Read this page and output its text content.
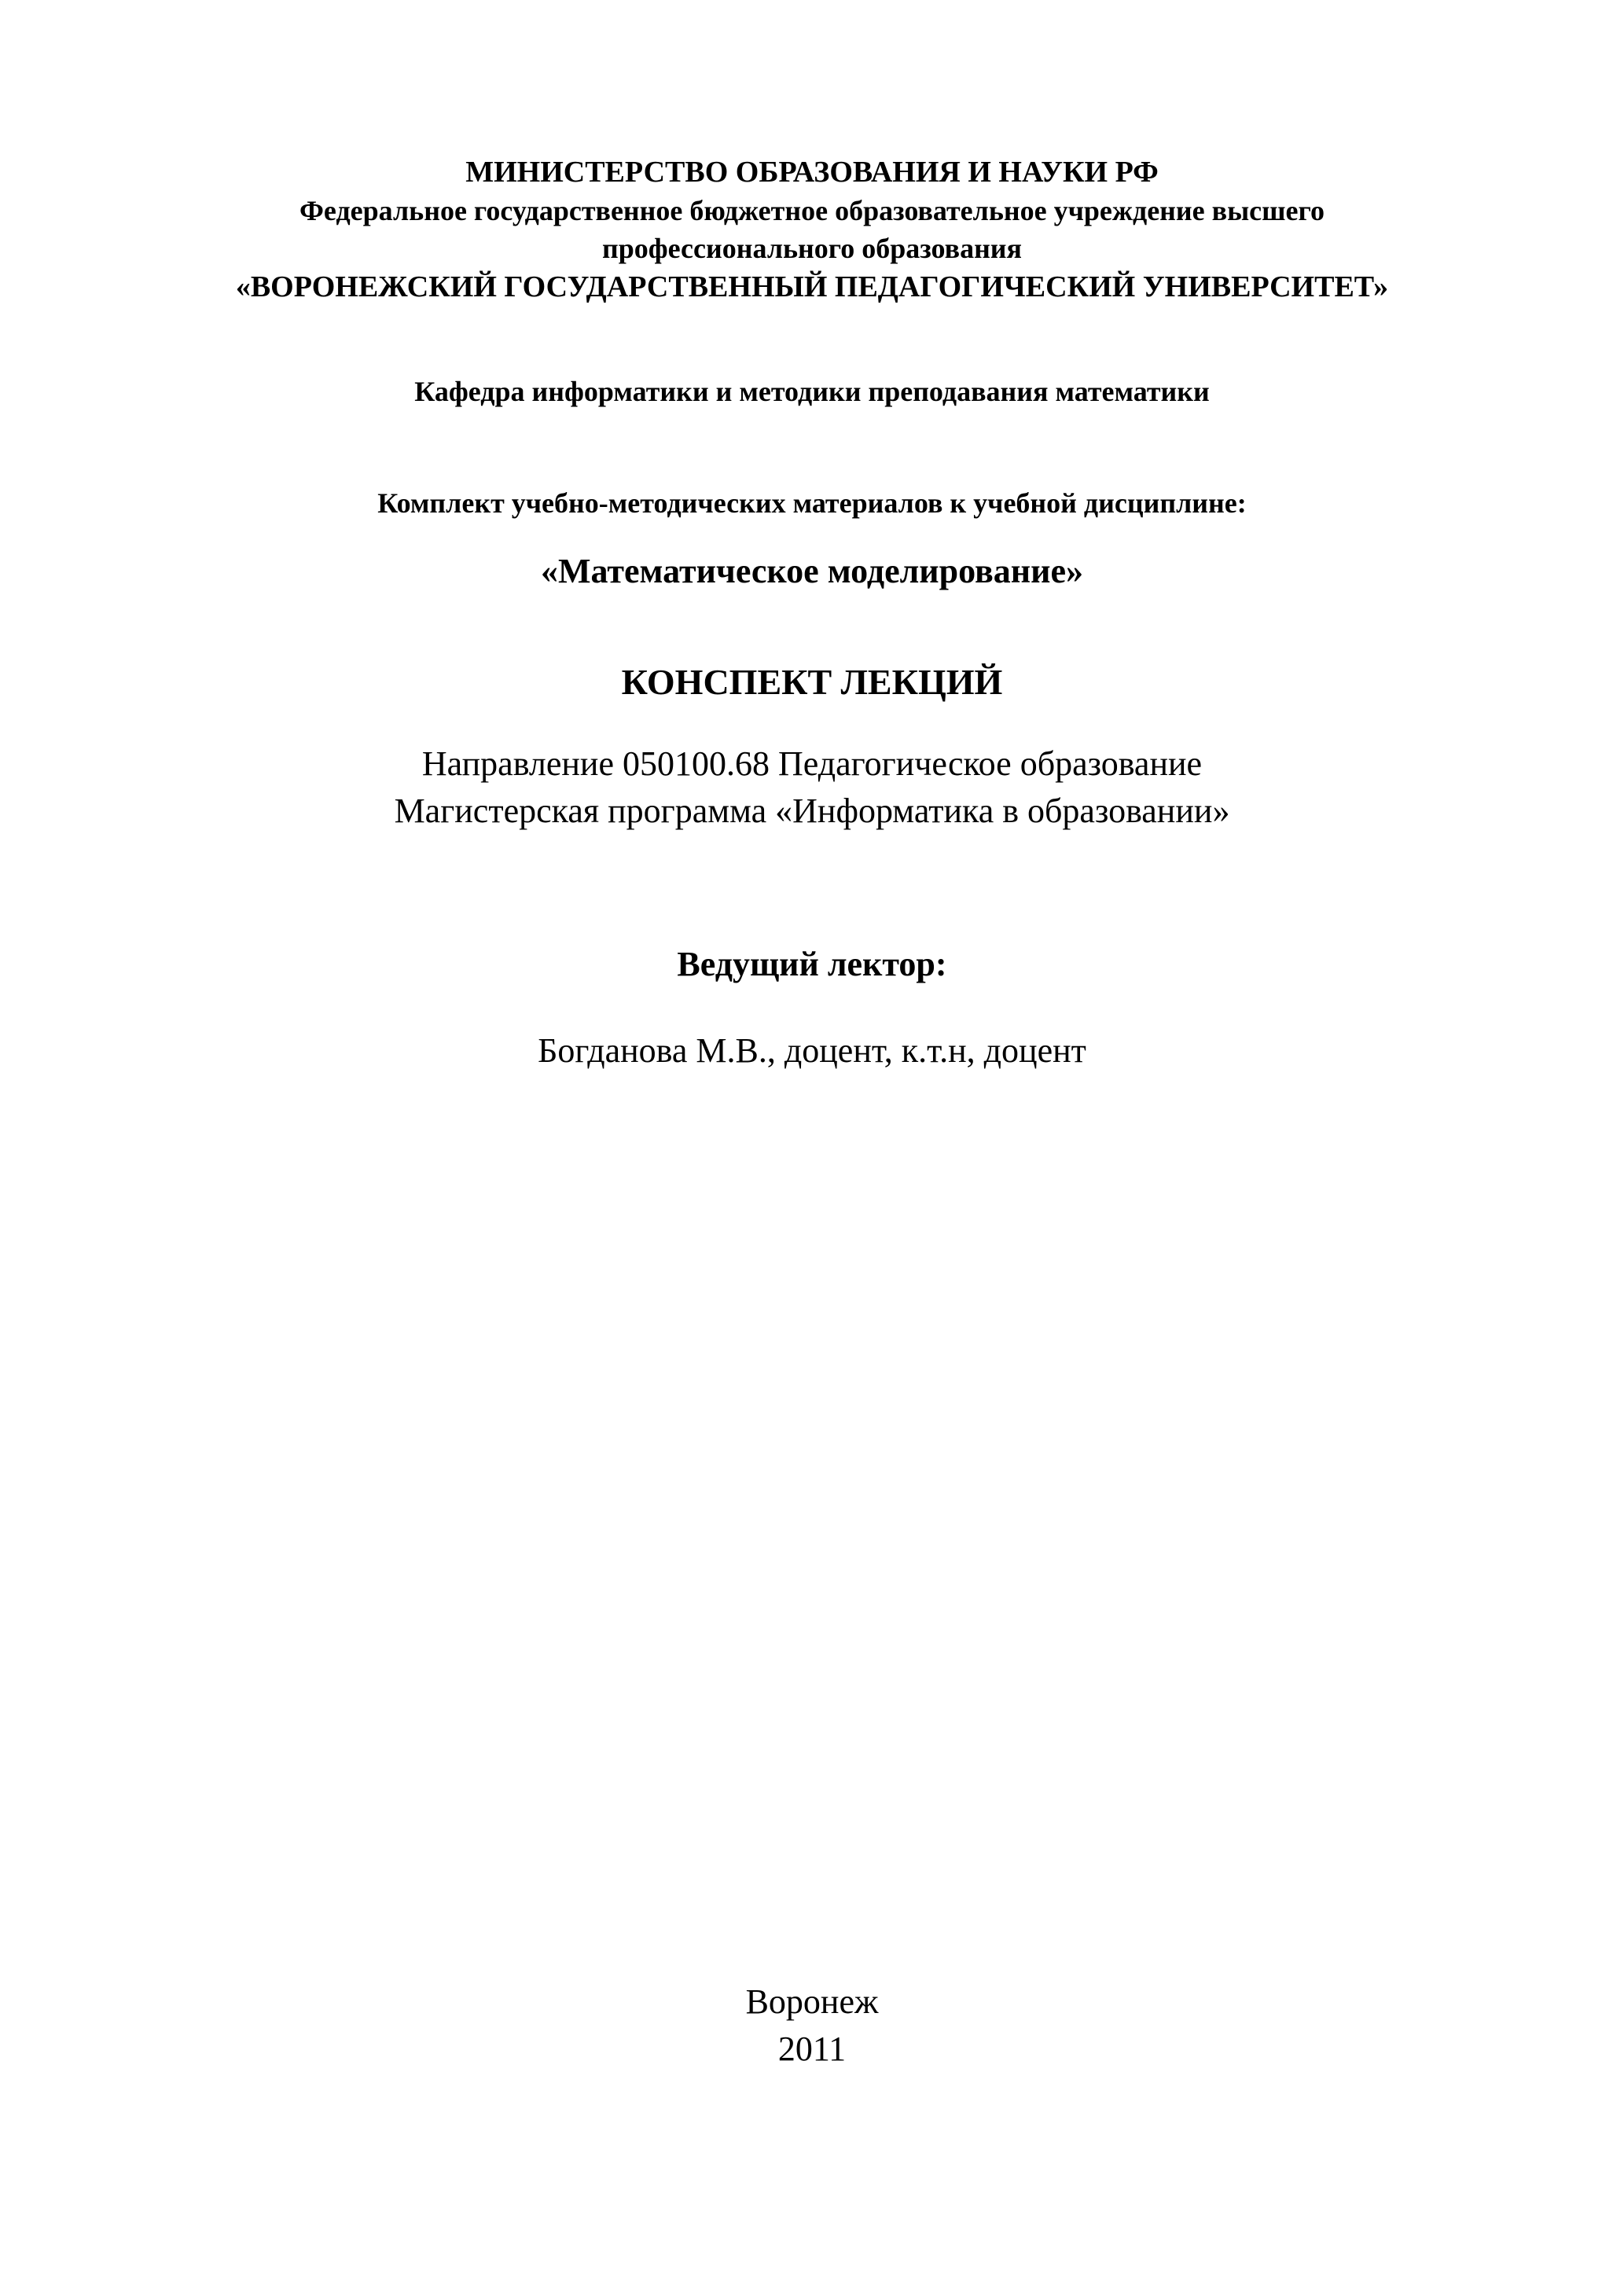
МИНИСТЕРСТВО ОБРАЗОВАНИЯ И НАУКИ РФ
Федеральное государственное бюджетное образовательное учреждение высшего
профессионального образования
«ВОРОНЕЖСКИЙ ГОСУДАРСТВЕННЫЙ ПЕДАГОГИЧЕСКИЙ УНИВЕРСИТЕТ»
Кафедра информатики и методики преподавания математики
Комплект учебно-методических материалов к учебной дисциплине:
«Математическое моделирование»
КОНСПЕКТ ЛЕКЦИЙ
Направление 050100.68 Педагогическое образование
Магистерская программа «Информатика в образовании»
Ведущий лектор:
Богданова М.В., доцент, к.т.н, доцент
Воронеж
2011
